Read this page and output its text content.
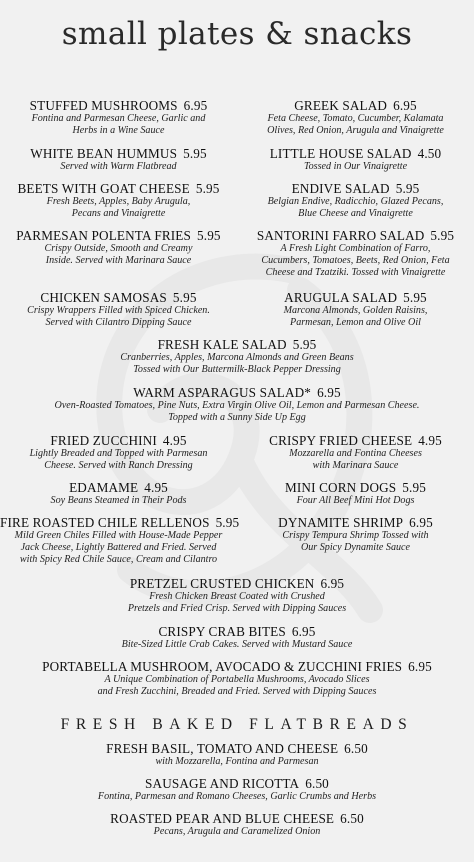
small plates & snacks
STUFFED MUSHROOMS 6.95
Fontina and Parmesan Cheese, Garlic and
Herbs in a Wine Sauce
GREEK SALAD 6.95
Feta Cheese, Tomato, Cucumber, Kalamata
Olives, Red Onion, Arugula and Vinaigrette
WHITE BEAN HUMMUS 5.95
Served with Warm Flatbread
LITTLE HOUSE SALAD 4.50
Tossed in Our Vinaigrette
BEETS WITH GOAT CHEESE 5.95
Fresh Beets, Apples, Baby Arugula,
Pecans and Vinaigrette
ENDIVE SALAD 5.95
Belgian Endive, Radicchio, Glazed Pecans,
Blue Cheese and Vinaigrette
PARMESAN POLENTA FRIES 5.95
Crispy Outside, Smooth and Creamy
Inside. Served with Marinara Sauce
SANTORINI FARRO SALAD 5.95
A Fresh Light Combination of Farro,
Cucumbers, Tomatoes, Beets, Red Onion, Feta
Cheese and Tzatziki. Tossed with Vinaigrette
CHICKEN SAMOSAS 5.95
Crispy Wrappers Filled with Spiced Chicken.
Served with Cilantro Dipping Sauce
ARUGULA SALAD 5.95
Marcona Almonds, Golden Raisins,
Parmesan, Lemon and Olive Oil
FRESH KALE SALAD 5.95
Cranberries, Apples, Marcona Almonds and Green Beans
Tossed with Our Buttermilk-Black Pepper Dressing
WARM ASPARAGUS SALAD* 6.95
Oven-Roasted Tomatoes, Pine Nuts, Extra Virgin Olive Oil, Lemon and Parmesan Cheese.
Topped with a Sunny Side Up Egg
FRIED ZUCCHINI 4.95
Lightly Breaded and Topped with Parmesan
Cheese. Served with Ranch Dressing
CRISPY FRIED CHEESE 4.95
Mozzarella and Fontina Cheeses
with Marinara Sauce
EDAMAME 4.95
Soy Beans Steamed in Their Pods
MINI CORN DOGS 5.95
Four All Beef Mini Hot Dogs
FIRE ROASTED CHILE RELLENOS 5.95
Mild Green Chiles Filled with House-Made Pepper
Jack Cheese, Lightly Battered and Fried. Served
with Spicy Red Chile Sauce, Cream and Cilantro
DYNAMITE SHRIMP 6.95
Crispy Tempura Shrimp Tossed with
Our Spicy Dynamite Sauce
PRETZEL CRUSTED CHICKEN 6.95
Fresh Chicken Breast Coated with Crushed
Pretzels and Fried Crisp. Served with Dipping Sauces
CRISPY CRAB BITES 6.95
Bite-Sized Little Crab Cakes. Served with Mustard Sauce
PORTABELLA MUSHROOM, AVOCADO & ZUCCHINI FRIES 6.95
A Unique Combination of Portabella Mushrooms, Avocado Slices
and Fresh Zucchini, Breaded and Fried. Served with Dipping Sauces
FRESH BAKED FLATBREADS
FRESH BASIL, TOMATO AND CHEESE 6.50
with Mozzarella, Fontina and Parmesan
SAUSAGE AND RICOTTA 6.50
Fontina, Parmesan and Romano Cheeses, Garlic Crumbs and Herbs
ROASTED PEAR AND BLUE CHEESE 6.50
Pecans, Arugula and Caramelized Onion
